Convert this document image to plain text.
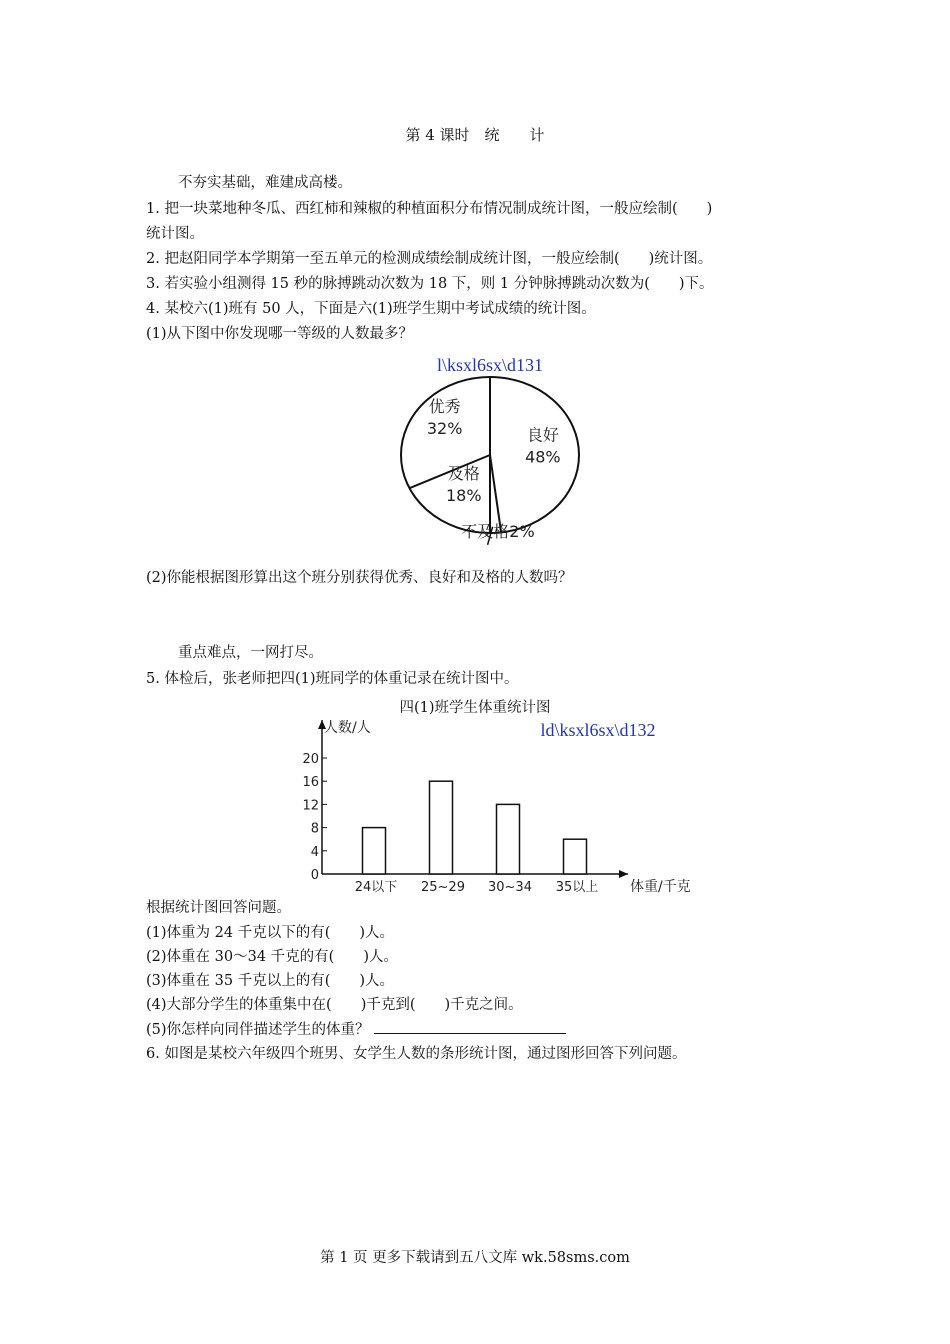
第 4 课时　统　　计
不夯实基础，难建成高楼。
1. 把一块菜地种冬瓜、西红柿和辣椒的种植面积分布情况制成统计图，一般应绘制(　　)
统计图。
2. 把赵阳同学本学期第一至五单元的检测成绩绘制成统计图，一般应绘制(　　)统计图。
3. 若实验小组测得 15 秒的脉搏跳动次数为 18 下，则 1 分钟脉搏跳动次数为(　　)下。
4. 某校六(1)班有 50 人，下面是六(1)班学生期中考试成绩的统计图。
(1)从下图中你发现哪一等级的人数最多？
l\ksxl6sx\d131
优秀
32%	良好
48%
及格
18%
不及格2%
(2)你能根据图形算出这个班分别获得优秀、良好和及格的人数吗？
重点难点，一网打尽。
5. 体检后，张老师把四(1)班同学的体重记录在统计图中。
四(1)班学生体重统计图
人数/人
体重/千克
ld\ksxl6sx\d132
0
4
8
12
16
20
24以下 25~29 30~34 35以上
根据统计图回答问题。
(1)体重为 24 千克以下的有(　　)人。
(2)体重在 30～34 千克的有(　　)人。
(3)体重在 35 千克以上的有(　　)人。
(4)大部分学生的体重集中在(　　)千克到(　　)千克之间。
(5)你怎样向同伴描述学生的体重？
6. 如图是某校六年级四个班男、女学生人数的条形统计图，通过图形回答下列问题。
第 1 页 更多下载请到五八文库 wk.58sms.com
